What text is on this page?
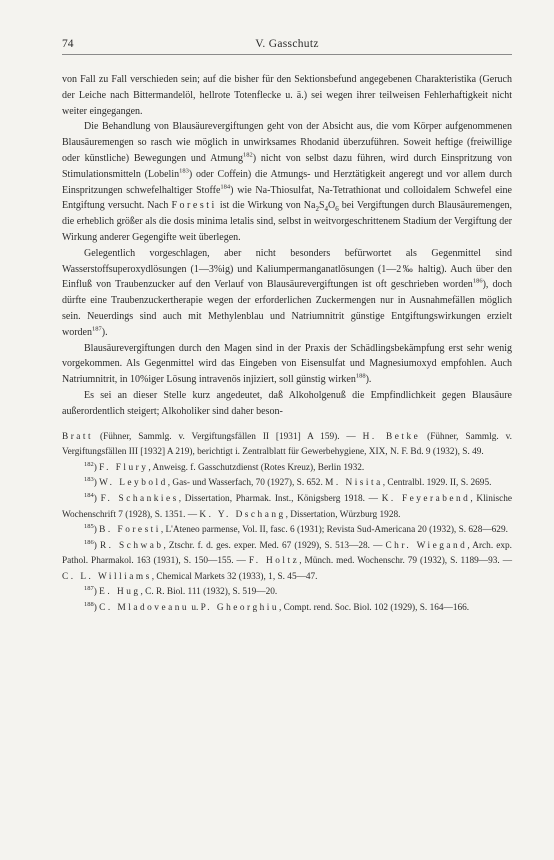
74	V. Gasschutz

von Fall zu Fall verschieden sein; auf die bisher für den Sektionsbefund angegebenen Charakteristika (Geruch der Leiche nach Bittermandelöl, hellrote Totenflecke u. ä.) sei wegen ihrer teilweisen Fehlerhaftigkeit nicht weiter eingegangen.

Die Behandlung von Blausäurevergiftungen geht von der Absicht aus, die vom Körper aufgenommenen Blausäuremengen so rasch wie möglich in unwirksames Rhodanid überzuführen. Soweit heftige (freiwillige oder künstliche) Bewegungen und Atmung$^{182}$) nicht von selbst dazu führen, wird durch Einspritzung von Stimulationsmitteln (Lobelin$^{183}$) oder Coffein) die Atmungs- und Herztätigkeit angeregt und vor allem durch Einspritzungen schwefelhaltiger Stoffe$^{184}$) wie Na-Thiosulfat, Na-Tetrathionat und colloidalem Schwefel eine Entgiftung versucht. Nach Foresti ist die Wirkung von $Na_2S_4O_6$ bei Vergiftungen durch Blausäuremengen, die erheblich größer als die dosis minima letalis sind, selbst in weitvorgeschrittenem Stadium der Vergiftung der Wirkung anderer Gegengifte weit überlegen.

Gelegentlich vorgeschlagen, aber nicht besonders befürwortet als Gegenmittel sind Wasserstoffsuperoxydlösungen (1—3%ig) und Kaliumpermanganatlösungen (1—2‰ haltig). Auch über den Einfluß von Traubenzucker auf den Verlauf von Blausäurevergiftungen ist oft geschrieben worden$^{186}$), doch dürfte eine Traubenzuckertherapie wegen der erforderlichen Zuckermengen nur in Ausnahmefällen möglich sein. Neuerdings sind auch mit Methylenblau und Natriumnitrit günstige Entgiftungswirkungen erzielt worden$^{187}$).

Blausäurevergiftungen durch den Magen sind in der Praxis der Schädlingsbekämpfung erst sehr wenig vorgekommen. Als Gegenmittel wird das Eingeben von Eisensulfat und Magnesiumoxyd empfohlen. Auch Natriumnitrit, in 10%iger Lösung intravenös injiziert, soll günstig wirken$^{188}$).

Es sei an dieser Stelle kurz angedeutet, daß Alkoholgenuß die Empfindlichkeit gegen Blausäure außerordentlich steigert; Alkoholiker sind daher beson-

Bratt (Fühner, Sammlg. v. Vergiftungsfällen II [1931] A 159). — H. Betke (Fühner, Sammlg. v. Vergiftungsfällen III [1932] A 219), berichtigt i. Zentralblatt für Gewerbehygiene, XIX, N. F. Bd. 9 (1932), S. 49.

$^{182}$) F. Flury, Anweisg. f. Gasschutzdienst (Rotes Kreuz), Berlin 1932.

$^{183}$) W. Leybold, Gas- und Wasserfach, 70 (1927), S. 652. M. Nisita, Centralbl. 1929. II, S. 2695.

$^{184}$) F. Schankies, Dissertation, Pharmak. Inst., Königsberg 1918. — K. Feyerabend, Klinische Wochenschrift 7 (1928), S. 1351. — K. Y. Dschang, Dissertation, Würzburg 1928.

$^{185}$) B. Foresti, L'Ateneo parmense, Vol. II, fasc. 6 (1931); Revista Sud-Americana 20 (1932), S. 628—629.

$^{186}$) R. Schwab, Ztschr. f. d. ges. exper. Med. 67 (1929), S. 513—28. — Chr. Wiegand, Arch. exp. Pathol. Pharmakol. 163 (1931), S. 150—155. — F. Holtz, Münch. med. Wochenschr. 79 (1932), S. 1189—93. — C. L. Williams, Chemical Markets 32 (1933), 1, S. 45—47.

$^{187}$) E. Hug, C. R. Biol. 111 (1932), S. 519—20.

$^{188}$) C. Mladoveanu u. P. Gheorghiu, Compt. rend. Soc. Biol. 102 (1929), S. 164—166.
